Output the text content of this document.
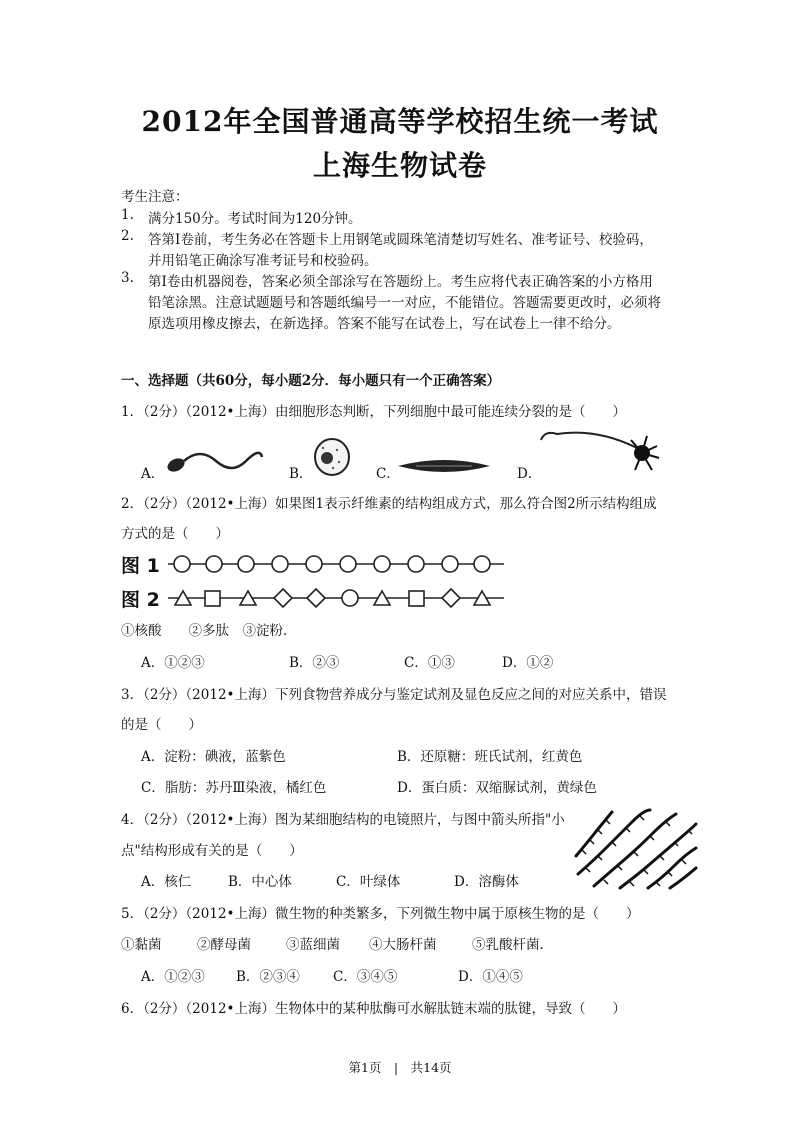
2012年全国普通高等学校招生统一考试
上海生物试卷
考生注意：
1. 满分150分。考试时间为120分钟。
2. 答第Ⅰ卷前，考生务必在答题卡上用钢笔或圆珠笔清楚切写姓名、准考证号、校验码，
并用铅笔正确涂写准考证号和校验码。
3. 第Ⅰ卷由机器阅卷，答案必须全部涂写在答题纷上。考生应将代表正确答案的小方格用
铅笔涂黑。注意试题题号和答题纸编号一一对应，不能错位。答题需要更改时，必须将
原选项用橡皮擦去，在新选择。答案不能写在试卷上，写在试卷上一律不给分。
一、选择题（共60分，每小题2分．每小题只有一个正确答案）
1．（2分）（2012•上海）由细胞形态判断，下列细胞中最可能连续分裂的是（　　）
A．	B．	C．	D．
2．（2分）（2012•上海）如果图1表示纤维素的结构组成方式，那么符合图2所示结构组成
方式的是（　　）
图 1
图 2
①核酸　　②多肽　③淀粉．
A．①②③	B．②③	C．①③	D．①②
3．（2分）（2012•上海）下列食物营养成分与鉴定试剂及显色反应之间的对应关系中，错误
的是（　　）
A．淀粉：碘液，蓝紫色	B．还原糖：班氏试剂，红黄色
C．脂肪：苏丹Ⅲ染液，橘红色	D．蛋白质：双缩脲试剂，黄绿色
4．（2分）（2012•上海）图为某细胞结构的电镜照片，与图中箭头所指"小
点"结构形成有关的是（　　）
A．核仁	B．中心体	C．叶绿体	D．溶酶体
5．（2分）（2012•上海）微生物的种类繁多，下列微生物中属于原核生物的是（　　）
①黏菌	②酵母菌	③蓝细菌 ④大肠杆菌	⑤乳酸杆菌．
A．①②③ B．②③④ C．③④⑤	D．①④⑤
6．（2分）（2012•上海）生物体中的某种肽酶可水解肽链末端的肽键，导致（　　）
第1页　|　共14页
